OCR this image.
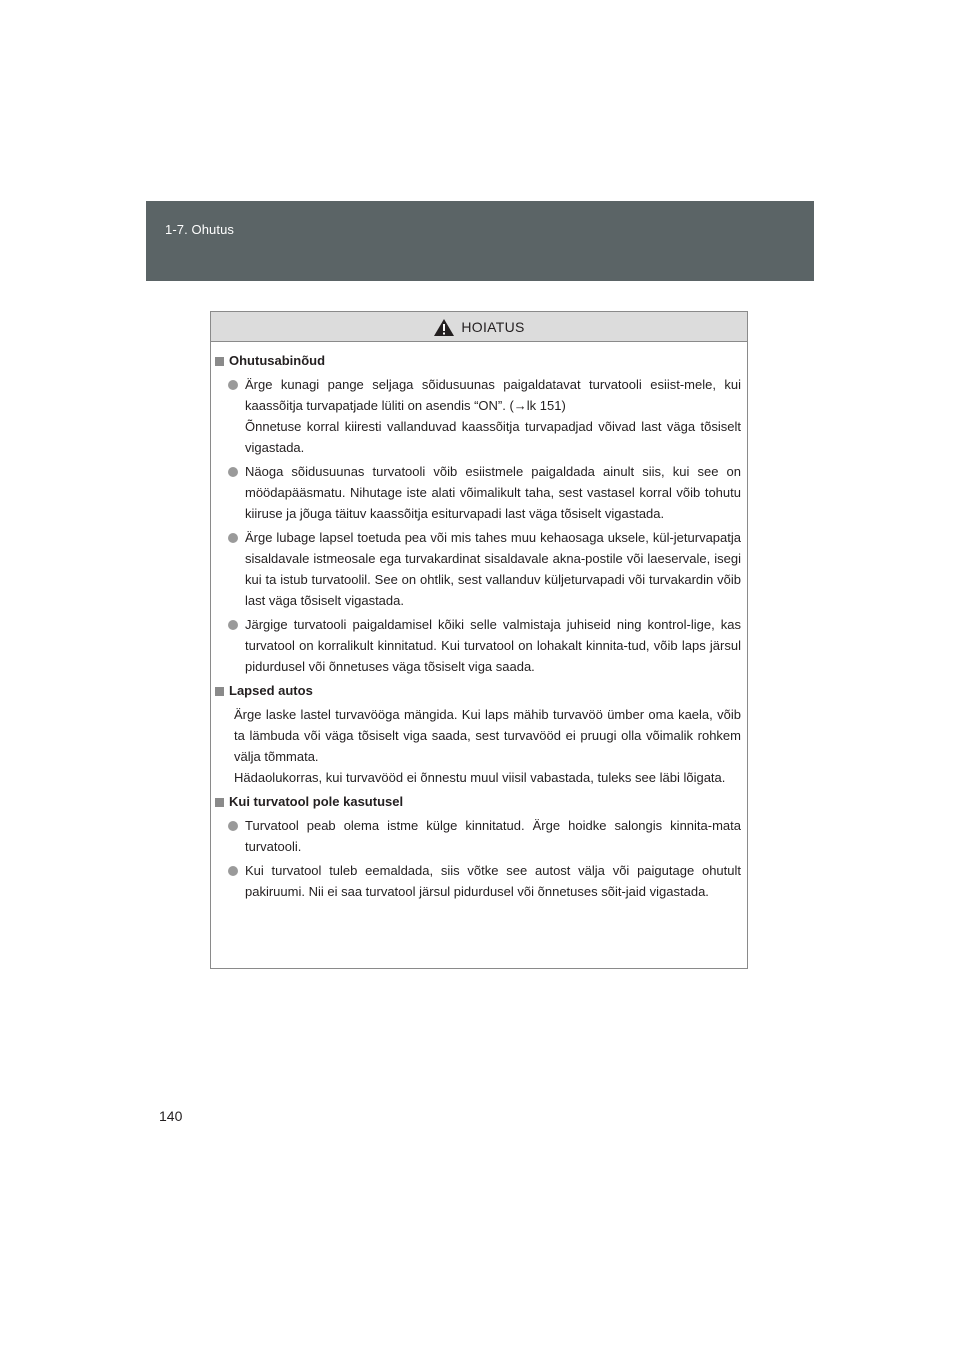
1-7. Ohutus
HOIATUS
Ohutusabinõud

Ärge kunagi pange seljaga sõidusuunas paigaldatavat turvatooli esiist-mele, kui kaassõitja turvapatjade lüliti on asendis “ON”. (→lk 151)

Õnnetuse korral kiiresti vallanduvad kaassõitja turvapadjad võivad last väga tõsiselt vigastada.

Näoga sõidusuunas turvatooli võib esiistmele paigaldada ainult siis, kui see on möödapääsmatu. Nihutage iste alati võimalikult taha, sest vastasel korral võib tohutu kiiruse ja jõuga täituv kaassõitja esiturvapadi last väga tõsiselt vigastada.

Ärge lubage lapsel toetuda pea või mis tahes muu kehaosaga uksele, kül-jeturvapatja sisaldavale istmeosale ega turvakardinat sisaldavale akna-postile või laeservale, isegi kui ta istub turvatoolil. See on ohtlik, sest vallanduv küljeturvapadi või turvakardin võib last väga tõsiselt vigastada.

Järgige turvatooli paigaldamisel kõiki selle valmistaja juhiseid ning kontrol-lige, kas turvatool on korralikult kinnitatud. Kui turvatool on lohakalt kinnita-tud, võib laps järsul pidurdusel või õnnetuses väga tõsiselt viga saada.

Lapsed autos

Ärge laske lastel turvavööga mängida. Kui laps mähib turvavöö ümber oma kaela, võib ta lämbuda või väga tõsiselt viga saada, sest turvavööd ei pruugi olla võimalik rohkem välja tõmmata.

Hädaolukorras, kui turvavööd ei õnnestu muul viisil vabastada, tuleks see läbi lõigata.

Kui turvatool pole kasutusel

Turvatool peab olema istme külge kinnitatud. Ärge hoidke salongis kinnita-mata turvatooli.

Kui turvatool tuleb eemaldada, siis võtke see autost välja või paigutage ohutult pakiruumi. Nii ei saa turvatool järsul pidurdusel või õnnetuses sõit-jaid vigastada.

140
